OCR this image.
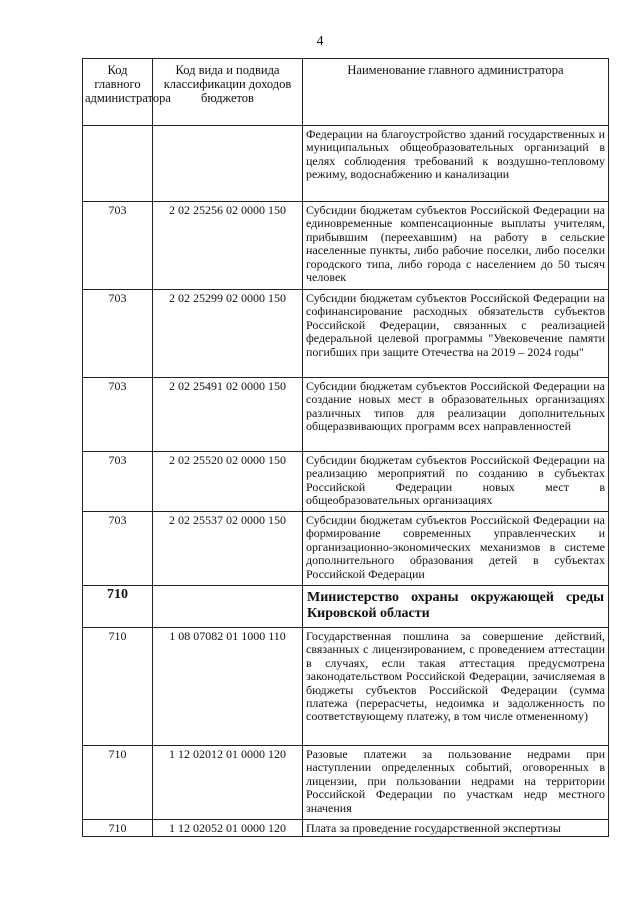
4
Код главного администратора	Код вида и подвида классификации доходов бюджетов	Наименование главного администратора
		Федерации на благоустройство зданий государственных и муниципальных общеобразовательных организаций в целях соблюдения требований к воздушно-тепловому режиму, водоснабжению и канализации
703	2 02 25256 02 0000 150	Субсидии бюджетам субъектов Российской Федерации на единовременные компенсационные выплаты учителям, прибывшим (переехавшим) на работу в сельские населенные пункты, либо рабочие поселки, либо поселки городского типа, либо города с населением до 50 тысяч человек
703	2 02 25299 02 0000 150	Субсидии бюджетам субъектов Российской Федерации на софинансирование расходных обязательств субъектов Российской Федерации, связанных с реализацией федеральной целевой программы "Увековечение памяти погибших при защите Отечества на 2019 – 2024 годы"
703	2 02 25491 02 0000 150	Субсидии бюджетам субъектов Российской Федерации на создание новых мест в образовательных организациях различных типов для реализации дополнительных общеразвивающих программ всех направленностей
703	2 02 25520 02 0000 150	Субсидии бюджетам субъектов Российской Федерации на реализацию мероприятий по созданию в субъектах Российской Федерации новых мест в общеобразовательных организациях
703	2 02 25537 02 0000 150	Субсидии бюджетам субъектов Российской Федерации на формирование современных управленческих и организационно-экономических механизмов в системе дополнительного образования детей в субъектах Российской Федерации
710		Министерство охраны окружающей среды Кировской области
710	1 08 07082 01 1000 110	Государственная пошлина за совершение действий, связанных с лицензированием, с проведением аттестации в случаях, если такая аттестация предусмотрена законодательством Российской Федерации, зачисляемая в бюджеты субъектов Российской Федерации (сумма платежа (перерасчеты, недоимка и задолженность по соответствующему платежу, в том числе отмененному)
710	1 12 02012 01 0000 120	Разовые платежи за пользование недрами при наступлении определенных событий, оговоренных в лицензии, при пользовании недрами на территории Российской Федерации по участкам недр местного значения
710	1 12 02052 01 0000 120	Плата за проведение государственной экспертизы
